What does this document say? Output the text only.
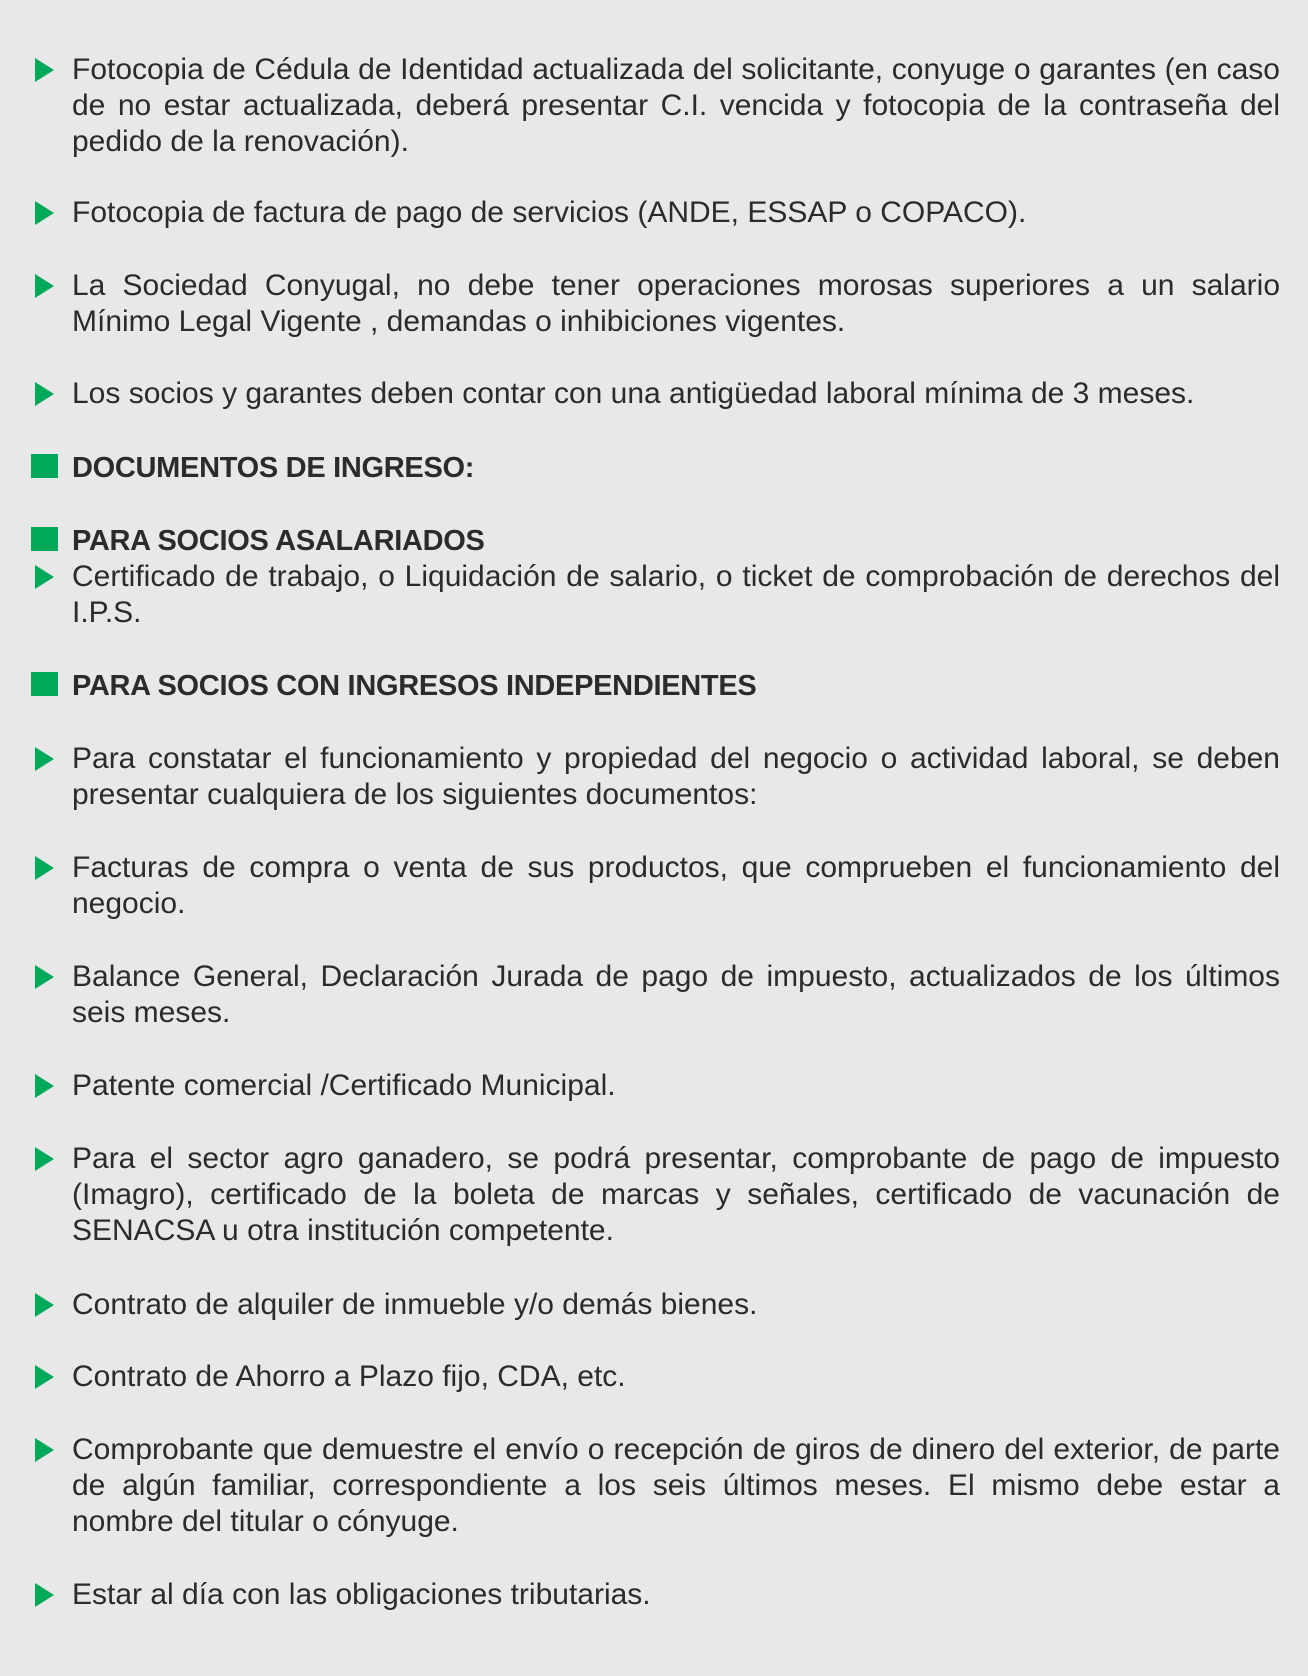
Fotocopia de Cédula de Identidad actualizada del solicitante, conyuge o garantes (en caso de no estar actualizada, deberá presentar C.I. vencida y fotocopia de la contraseña del pedido de la renovación).
Fotocopia de factura de pago de servicios (ANDE, ESSAP o COPACO).
La Sociedad Conyugal, no debe tener operaciones morosas superiores a un salario Mínimo Legal Vigente , demandas o inhibiciones vigentes.
Los socios y garantes deben contar con una antigüedad laboral mínima de 3 meses.
DOCUMENTOS DE INGRESO:
PARA SOCIOS ASALARIADOS
Certificado de trabajo, o Liquidación de salario, o ticket de comprobación de derechos del I.P.S.
PARA SOCIOS CON INGRESOS INDEPENDIENTES
Para constatar el funcionamiento y propiedad del negocio o actividad laboral, se deben presentar cualquiera de los siguientes documentos:
Facturas de compra o venta de sus productos, que comprueben el funcionamiento del negocio.
Balance General, Declaración Jurada de pago de impuesto, actualizados de los últimos seis meses.
Patente comercial /Certificado Municipal.
Para el sector agro ganadero, se podrá presentar, comprobante de pago de impuesto (Imagro), certificado de la boleta de marcas y señales, certificado de vacunación de SENACSA u otra institución competente.
Contrato de alquiler de inmueble y/o demás bienes.
Contrato de Ahorro a Plazo fijo, CDA, etc.
Comprobante que demuestre el envío o recepción de giros de dinero del exterior, de parte de algún familiar, correspondiente a los seis últimos meses. El mismo debe estar a nombre del titular o cónyuge.
Estar al día con las obligaciones tributarias.
